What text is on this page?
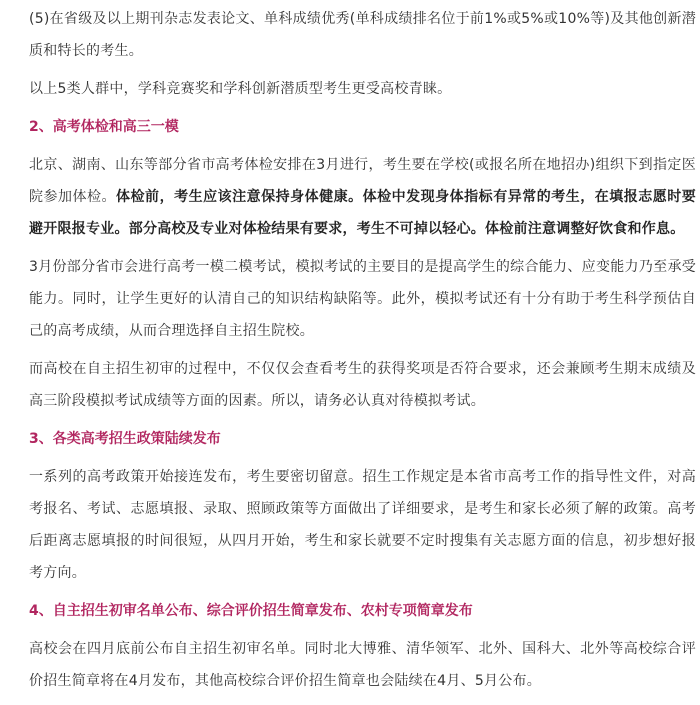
(5)在省级及以上期刊杂志发表论文、单科成绩优秀(单科成绩排名位于前1%或5%或10%等)及其他创新潜质和特长的考生。

以上5类人群中，学科竞赛奖和学科创新潜质型考生更受高校青睐。

2、高考体检和高三一模

北京、湖南、山东等部分省市高考体检安排在3月进行，考生要在学校(或报名所在地招办)组织下到指定医院参加体检。体检前，考生应该注意保持身体健康。体检中发现身体指标有异常的考生，在填报志愿时要避开限报专业。部分高校及专业对体检结果有要求，考生不可掉以轻心。体检前注意调整好饮食和作息。

3月份部分省市会进行高考一模二模考试，模拟考试的主要目的是提高学生的综合能力、应变能力乃至承受能力。同时，让学生更好的认清自己的知识结构缺陷等。此外，模拟考试还有十分有助于考生科学预估自己的高考成绩，从而合理选择自主招生院校。

而高校在自主招生初审的过程中，不仅仅会查看考生的获得奖项是否符合要求，还会兼顾考生期末成绩及高三阶段模拟考试成绩等方面的因素。所以，请务必认真对待模拟考试。

3、各类高考招生政策陆续发布

一系列的高考政策开始接连发布，考生要密切留意。招生工作规定是本省市高考工作的指导性文件，对高考报名、考试、志愿填报、录取、照顾政策等方面做出了详细要求，是考生和家长必须了解的政策。高考后距离志愿填报的时间很短，从四月开始，考生和家长就要不定时搜集有关志愿方面的信息，初步想好报考方向。

4、自主招生初审名单公布、综合评价招生简章发布、农村专项简章发布

高校会在四月底前公布自主招生初审名单。同时北大博雅、清华领军、北外、国科大、北外等高校综合评价招生简章将在4月发布，其他高校综合评价招生简章也会陆续在4月、5月公布。
